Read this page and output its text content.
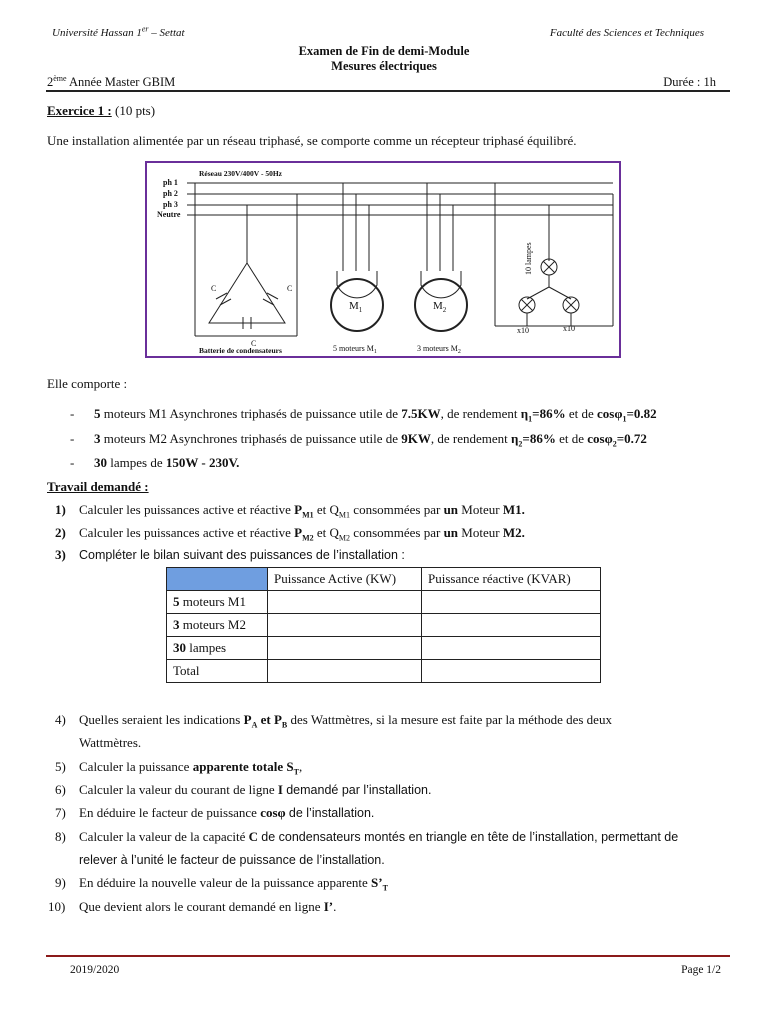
Université Hassan 1er – Settat	Faculté des Sciences et Techniques
Examen de Fin de demi-Module
Mesures électriques
2ème Année Master GBIM	Durée : 1h
Exercice 1 : (10 pts)
Une installation alimentée par un réseau triphasé, se comporte comme un récepteur triphasé équilibré.
Réseau 230V/400V - 50Hz
ph 1
ph 2
ph 3
Neutre
C	C
C
Batterie de condensateurs
$M_1$	$M_2$
5 moteurs $M_1$	3 moteurs $M_2$
10 lampes
x10	x10
Elle comporte :
- 5 moteurs M1 Asynchrones triphasés de puissance utile de 7.5KW, de rendement $\eta_1=86\%$ et de cosφ$_1$=0.82
- 3 moteurs M2 Asynchrones triphasés de puissance utile de 9KW, de rendement $\eta_2=86\%$ et de cosφ$_2$=0.72
- 30 lampes de 150W - 230V.
Travail demandé :
1) Calculer les puissances active et réactive $P_{M1}$ et $Q_{M1}$ consommées par un Moteur M1.
2) Calculer les puissances active et réactive $P_{M2}$ et $Q_{M2}$ consommées par un Moteur M2.
3) Compléter le bilan suivant des puissances de l’installation :
	Puissance Active (KW)	Puissance réactive (KVAR)
5 moteurs M1		
3 moteurs M2		
30 lampes		
Total		
4) Quelles seraient les indications $P_A$ et $P_B$ des Wattmètres, si la mesure est faite par la méthode des deux
Wattmètres.
5) Calculer la puissance apparente totale $S_T$,
6) Calculer la valeur du courant de ligne I demandé par l’installation.
7) En déduire le facteur de puissance cosφ de l’installation.
8) Calculer la valeur de la capacité C de condensateurs montés en triangle en tête de l’installation, permettant de
relever à l’unité le facteur de puissance de l’installation.
9) En déduire la nouvelle valeur de la puissance apparente $S’_T$
10) Que devient alors le courant demandé en ligne I’.
2019/2020	Page 1/2
